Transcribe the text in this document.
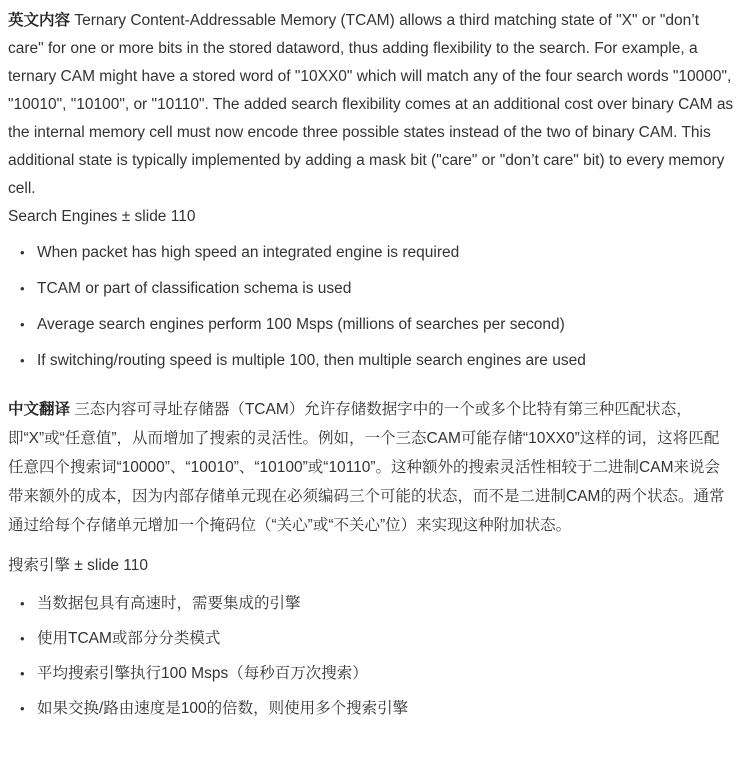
英文内容 Ternary Content-Addressable Memory (TCAM) allows a third matching state of "X" or "don’t care" for one or more bits in the stored dataword, thus adding flexibility to the search. For example, a ternary CAM might have a stored word of "10XX0" which will match any of the four search words "10000", "10010", "10100", or "10110". The added search flexibility comes at an additional cost over binary CAM as the internal memory cell must now encode three possible states instead of the two of binary CAM. This additional state is typically implemented by adding a mask bit ("care" or "don’t care" bit) to every memory cell.

Search Engines ± slide 110

• When packet has high speed an integrated engine is required
• TCAM or part of classification schema is used
• Average search engines perform 100 Msps (millions of searches per second)
• If switching/routing speed is multiple 100, then multiple search engines are used

中文翻译 三态内容可寻址存储器（TCAM）允许存储数据字中的一个或多个比特有第三种匹配状态，即“X”或“任意值”，从而增加了搜索的灵活性。例如，一个三态CAM可能存储“10XX0”这样的词，这将匹配任意四个搜索词“10000”、“10010”、“10100”或“10110”。这种额外的搜索灵活性相较于二进制CAM来说会带来额外的成本，因为内部存储单元现在必须编码三个可能的状态，而不是二进制CAM的两个状态。通常通过给每个存储单元增加一个掩码位（“关心”或“不关心”位）来实现这种附加状态。

搜索引擎 ± slide 110

• 当数据包具有高速时，需要集成的引擎
• 使用TCAM或部分分类模式
• 平均搜索引擎执行100 Msps（每秒百万次搜索）
• 如果交换/路由速度是100的倍数，则使用多个搜索引擎
